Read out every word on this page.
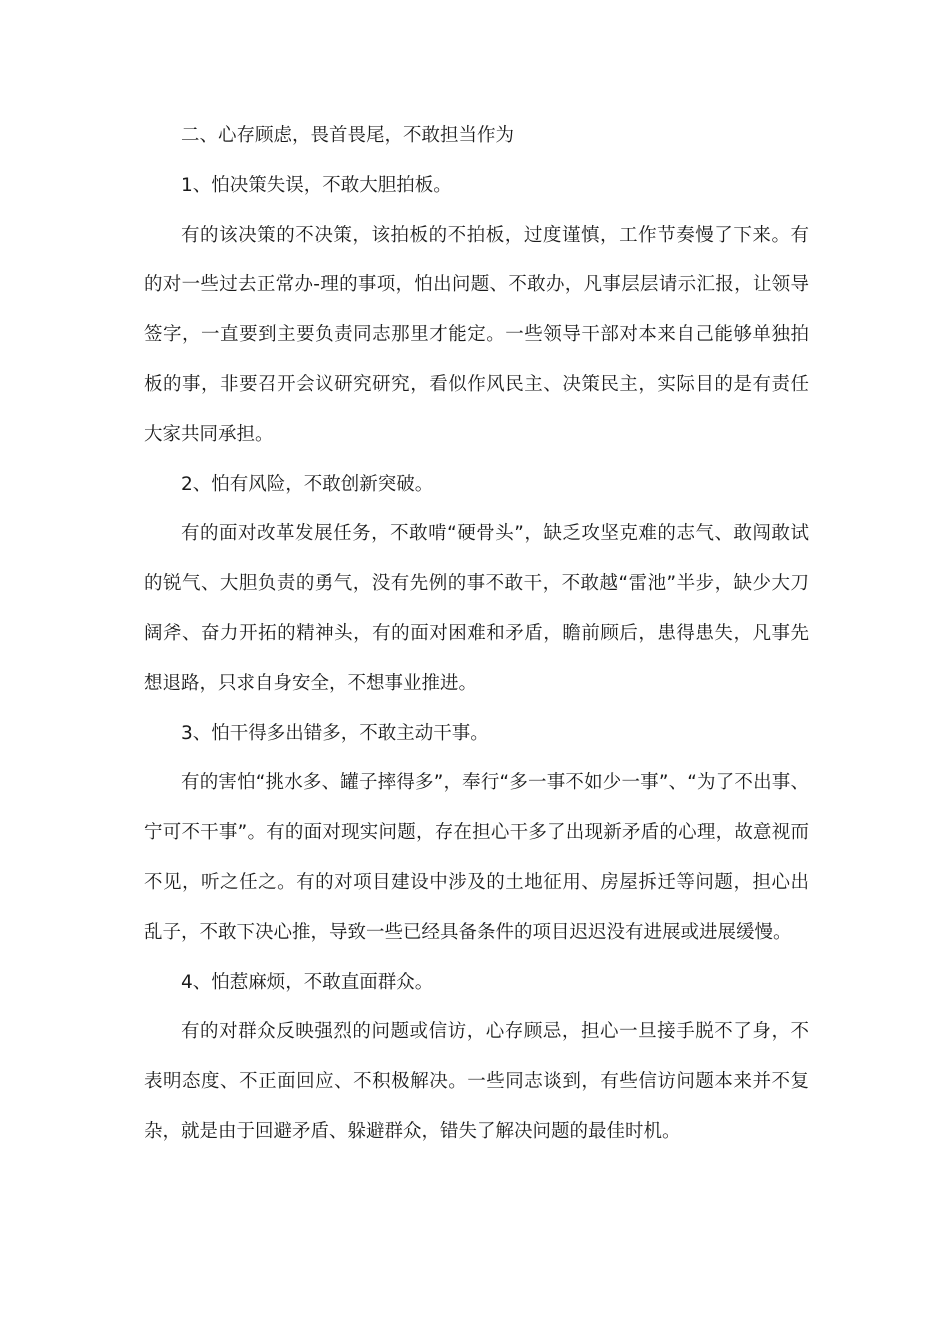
二、心存顾虑，畏首畏尾，不敢担当作为

1、怕决策失误，不敢大胆拍板。

有的该决策的不决策，该拍板的不拍板，过度谨慎，工作节奏慢了下来。有的对一些过去正常办-理的事项，怕出问题、不敢办，凡事层层请示汇报，让领导签字，一直要到主要负责同志那里才能定。一些领导干部对本来自己能够单独拍板的事，非要召开会议研究研究，看似作风民主、决策民主，实际目的是有责任大家共同承担。

2、怕有风险，不敢创新突破。

有的面对改革发展任务，不敢啃“硬骨头”，缺乏攻坚克难的志气、敢闯敢试的锐气、大胆负责的勇气，没有先例的事不敢干，不敢越“雷池”半步，缺少大刀阔斧、奋力开拓的精神头，有的面对困难和矛盾，瞻前顾后，患得患失，凡事先想退路，只求自身安全，不想事业推进。

3、怕干得多出错多，不敢主动干事。

有的害怕“挑水多、罐子摔得多”，奉行“多一事不如少一事”、“为了不出事、宁可不干事”。有的面对现实问题，存在担心干多了出现新矛盾的心理，故意视而不见，听之任之。有的对项目建设中涉及的土地征用、房屋拆迁等问题，担心出乱子，不敢下决心推，导致一些已经具备条件的项目迟迟没有进展或进展缓慢。

4、怕惹麻烦，不敢直面群众。

有的对群众反映强烈的问题或信访，心存顾忌，担心一旦接手脱不了身，不表明态度、不正面回应、不积极解决。一些同志谈到，有些信访问题本来并不复杂，就是由于回避矛盾、躲避群众，错失了解决问题的最佳时机。
